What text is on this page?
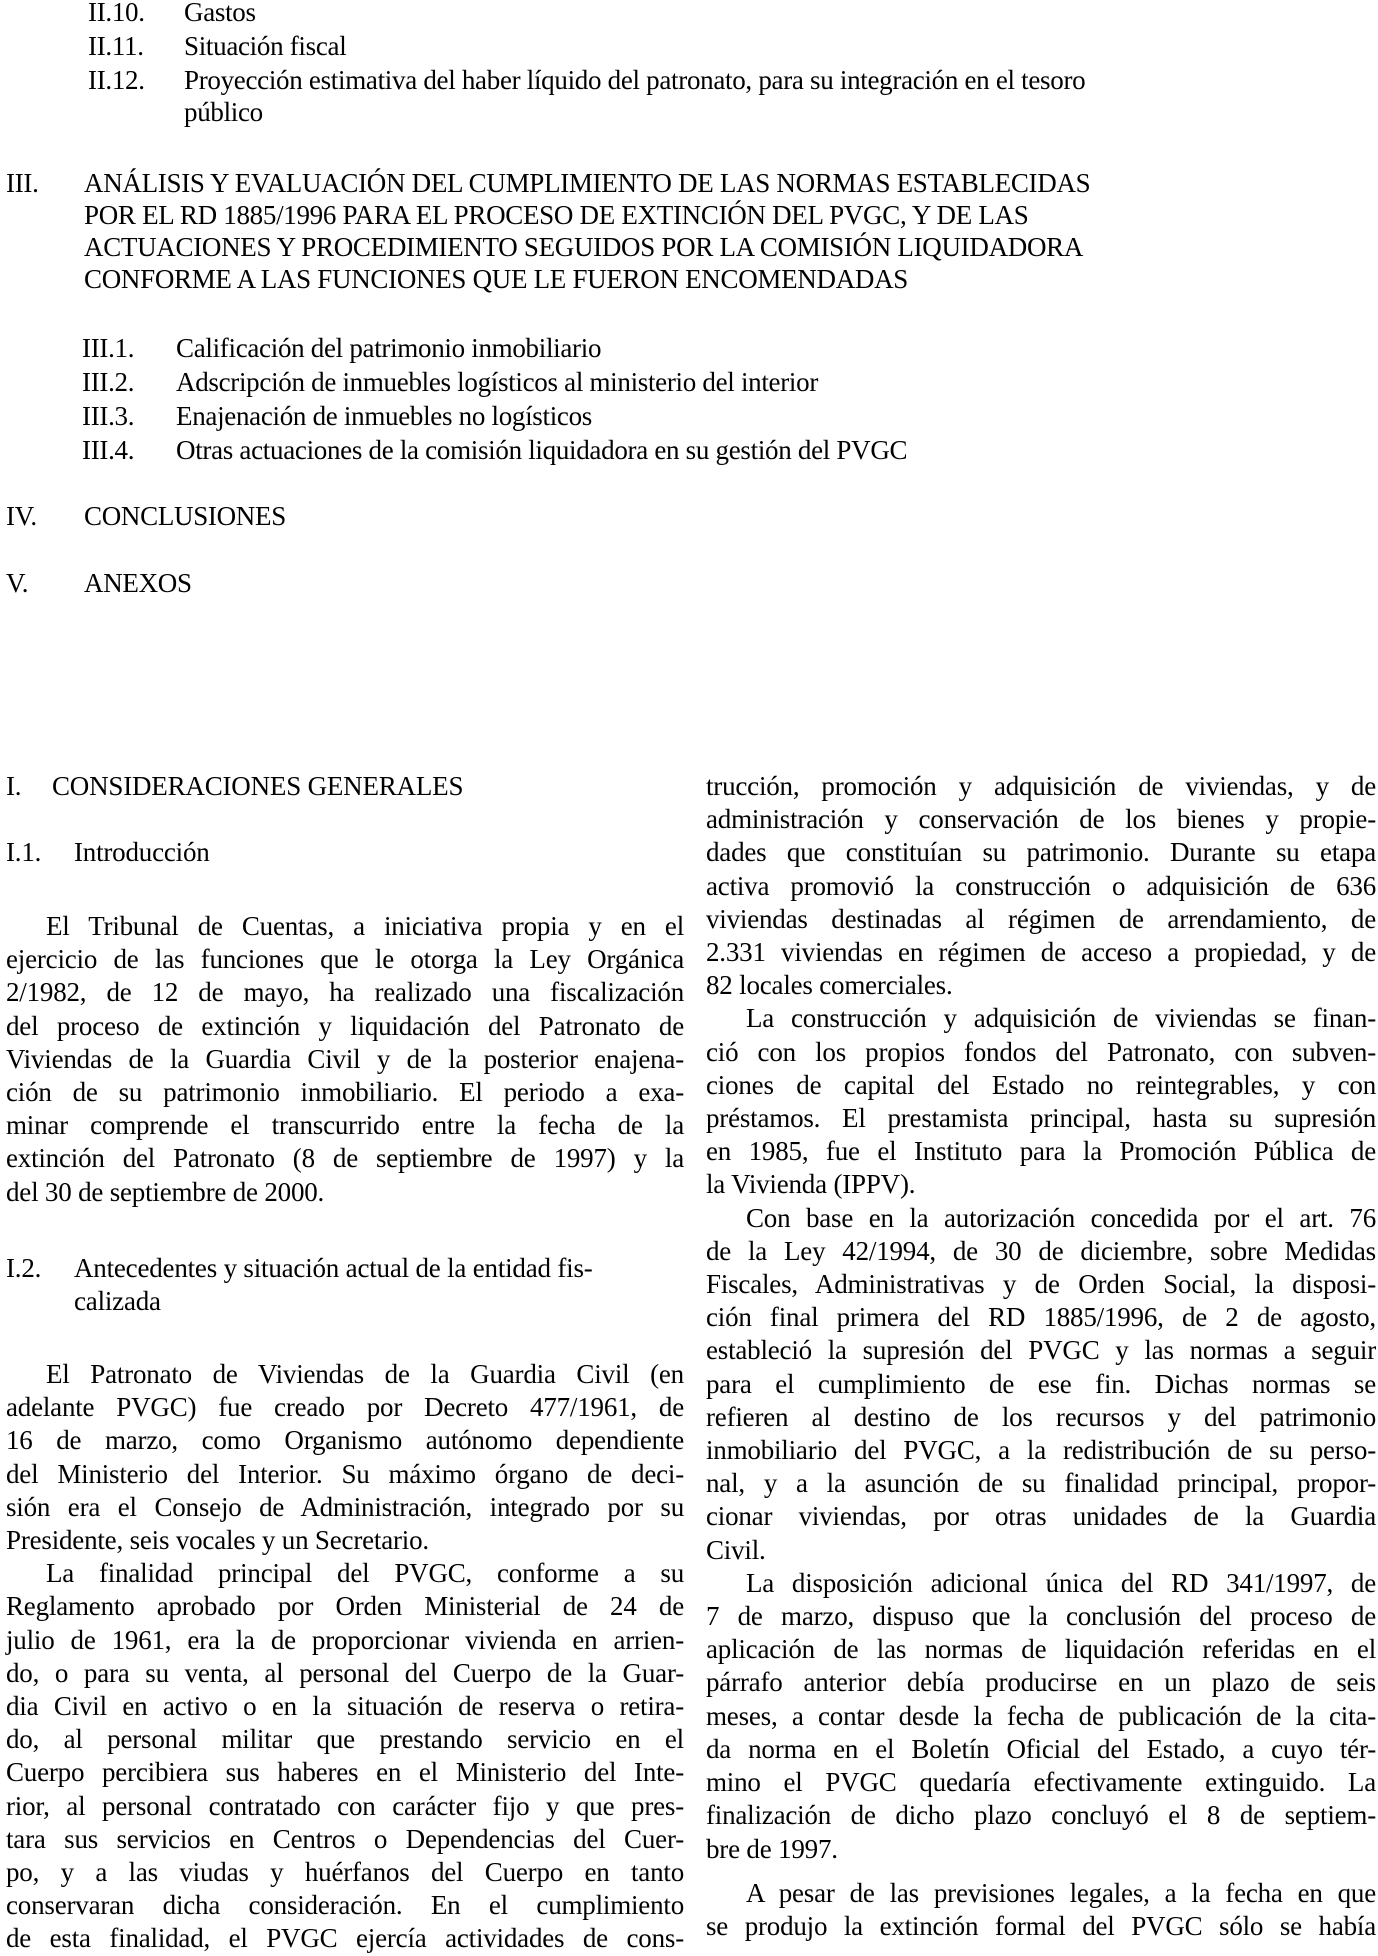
II.10. Gastos
II.11. Situación fiscal
II.12. Proyección estimativa del haber líquido del patronato, para su integración en el tesoro
público
III. ANÁLISIS Y EVALUACIÓN DEL CUMPLIMIENTO DE LAS NORMAS ESTABLECIDAS
POR EL RD 1885/1996 PARA EL PROCESO DE EXTINCIÓN DEL PVGC, Y DE LAS
ACTUACIONES Y PROCEDIMIENTO SEGUIDOS POR LA COMISIÓN LIQUIDADORA
CONFORME A LAS FUNCIONES QUE LE FUERON ENCOMENDADAS
III.1. Calificación del patrimonio inmobiliario
III.2. Adscripción de inmuebles logísticos al ministerio del interior
III.3. Enajenación de inmuebles no logísticos
III.4. Otras actuaciones de la comisión liquidadora en su gestión del PVGC
IV. CONCLUSIONES
V. ANEXOS
I. CONSIDERACIONES GENERALES
I.1. Introducción
El Tribunal de Cuentas, a iniciativa propia y en el
ejercicio de las funciones que le otorga la Ley Orgánica
2/1982, de 12 de mayo, ha realizado una fiscalización
del proceso de extinción y liquidación del Patronato de
Viviendas de la Guardia Civil y de la posterior enajena-
ción de su patrimonio inmobiliario. El periodo a exa-
minar comprende el transcurrido entre la fecha de la
extinción del Patronato (8 de septiembre de 1997) y la
del 30 de septiembre de 2000.
I.2. Antecedentes y situación actual de la entidad fis-
calizada
El Patronato de Viviendas de la Guardia Civil (en
adelante PVGC) fue creado por Decreto 477/1961, de
16 de marzo, como Organismo autónomo dependiente
del Ministerio del Interior. Su máximo órgano de deci-
sión era el Consejo de Administración, integrado por su
Presidente, seis vocales y un Secretario.
La finalidad principal del PVGC, conforme a su
Reglamento aprobado por Orden Ministerial de 24 de
julio de 1961, era la de proporcionar vivienda en arrien-
do, o para su venta, al personal del Cuerpo de la Guar-
dia Civil en activo o en la situación de reserva o retira-
do, al personal militar que prestando servicio en el
Cuerpo percibiera sus haberes en el Ministerio del Inte-
rior, al personal contratado con carácter fijo y que pres-
tara sus servicios en Centros o Dependencias del Cuer-
po, y a las viudas y huérfanos del Cuerpo en tanto
conservaran dicha consideración. En el cumplimiento
de esta finalidad, el PVGC ejercía actividades de cons-
trucción, promoción y adquisición de viviendas, y de
administración y conservación de los bienes y propie-
dades que constituían su patrimonio. Durante su etapa
activa promovió la construcción o adquisición de 636
viviendas destinadas al régimen de arrendamiento, de
2.331 viviendas en régimen de acceso a propiedad, y de
82 locales comerciales.
La construcción y adquisición de viviendas se finan-
ció con los propios fondos del Patronato, con subven-
ciones de capital del Estado no reintegrables, y con
préstamos. El prestamista principal, hasta su supresión
en 1985, fue el Instituto para la Promoción Pública de
la Vivienda (IPPV).
Con base en la autorización concedida por el art. 76
de la Ley 42/1994, de 30 de diciembre, sobre Medidas
Fiscales, Administrativas y de Orden Social, la disposi-
ción final primera del RD 1885/1996, de 2 de agosto,
estableció la supresión del PVGC y las normas a seguir
para el cumplimiento de ese fin. Dichas normas se
refieren al destino de los recursos y del patrimonio
inmobiliario del PVGC, a la redistribución de su perso-
nal, y a la asunción de su finalidad principal, propor-
cionar viviendas, por otras unidades de la Guardia
Civil.
La disposición adicional única del RD 341/1997, de
7 de marzo, dispuso que la conclusión del proceso de
aplicación de las normas de liquidación referidas en el
párrafo anterior debía producirse en un plazo de seis
meses, a contar desde la fecha de publicación de la cita-
da norma en el Boletín Oficial del Estado, a cuyo tér-
mino el PVGC quedaría efectivamente extinguido. La
finalización de dicho plazo concluyó el 8 de septiem-
bre de 1997.
A pesar de las previsiones legales, a la fecha en que
se produjo la extinción formal del PVGC sólo se había
